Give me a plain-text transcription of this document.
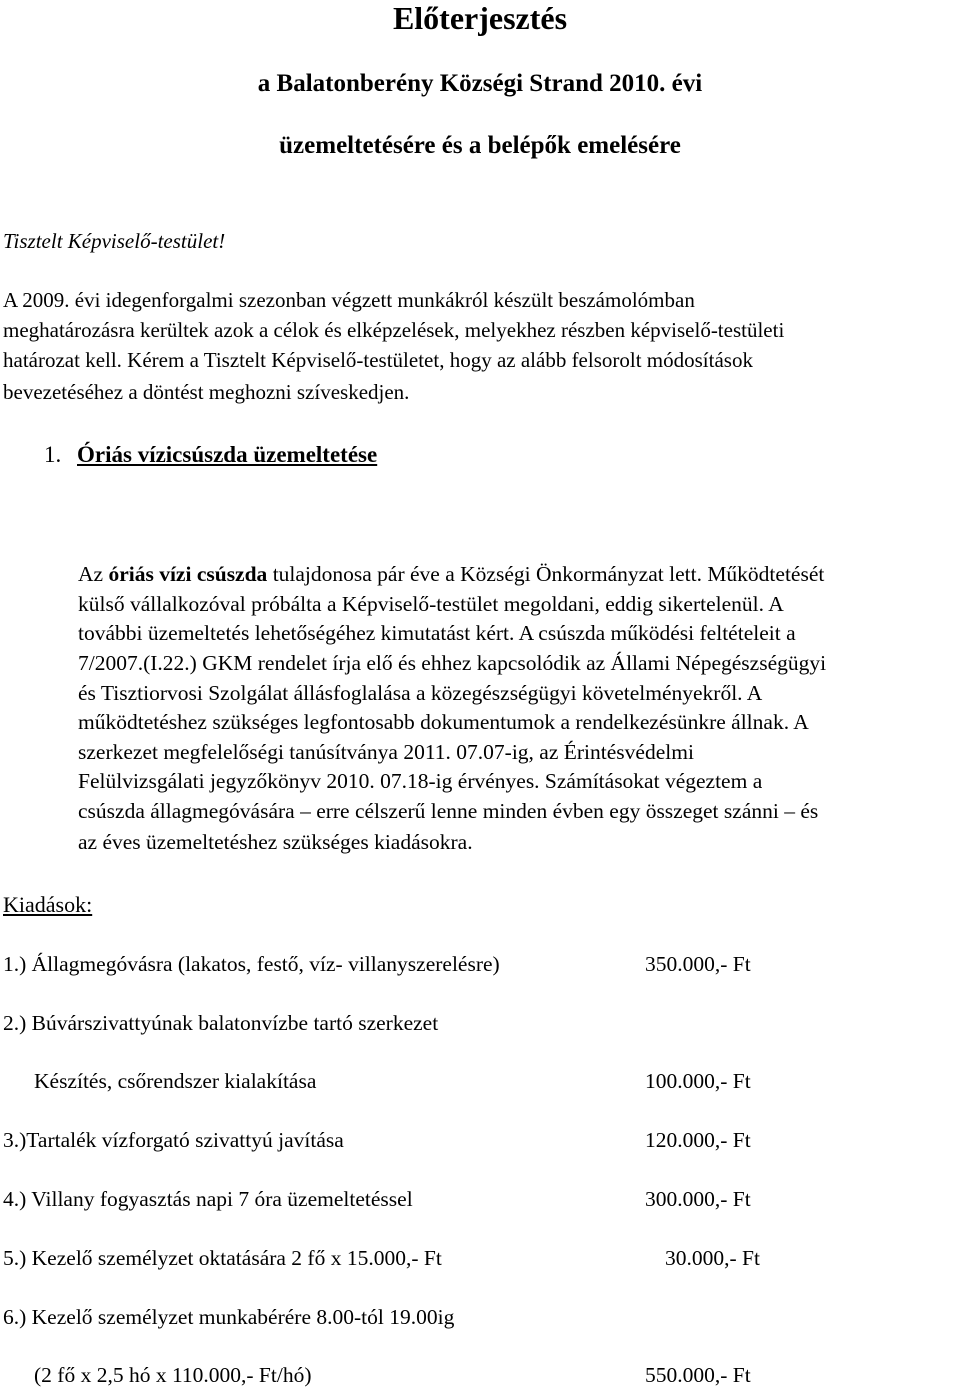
Előterjesztés
a Balatonberény Községi Strand 2010. évi
üzemeltetésére és a belépők emelésére
Tisztelt Képviselő-testület!
A 2009. évi idegenforgalmi szezonban végzett munkákról készült beszámolómban
meghatározásra kerültek azok a célok és elképzelések, melyekhez részben képviselő-testületi
határozat kell. Kérem a Tisztelt Képviselő-testületet, hogy az alább felsorolt módosítások
bevezetéséhez a döntést meghozni szíveskedjen.
1. Óriás vízicsúszda üzemeltetése
Az óriás vízi csúszda tulajdonosa pár éve a Községi Önkormányzat lett. Működtetését
külső vállalkozóval próbálta a Képviselő-testület megoldani, eddig sikertelenül. A
további üzemeltetés lehetőségéhez kimutatást kért. A csúszda működési feltételeit a
7/2007.(I.22.) GKM rendelet írja elő és ehhez kapcsolódik az Állami Népegészségügyi
és Tisztiorvosi Szolgálat állásfoglalása a közegészségügyi követelményekről. A
működtetéshez szükséges legfontosabb dokumentumok a rendelkezésünkre állnak. A
szerkezet megfelelőségi tanúsítványa 2011. 07.07-ig, az Érintésvédelmi
Felülvizsgálati jegyzőkönyv 2010. 07.18-ig érvényes. Számításokat végeztem a
csúszda állagmegóvására – erre célszerű lenne minden évben egy összeget szánni – és
az éves üzemeltetéshez szükséges kiadásokra.
Kiadások:
1.) Állagmegóvásra (lakatos, festő, víz- villanyszerelésre)	350.000,- Ft
2.) Búvárszivattyúnak balatonvízbe tartó szerkezet
Készítés, csőrendszer kialakítása	100.000,- Ft
3.)Tartalék vízforgató szivattyú javítása	120.000,- Ft
4.) Villany fogyasztás napi 7 óra üzemeltetéssel	300.000,- Ft
5.) Kezelő személyzet oktatására 2 fő x 15.000,- Ft	30.000,- Ft
6.) Kezelő személyzet munkabérére 8.00-tól 19.00ig
(2 fő x 2,5 hó x 110.000,- Ft/hó)	550.000,- Ft
